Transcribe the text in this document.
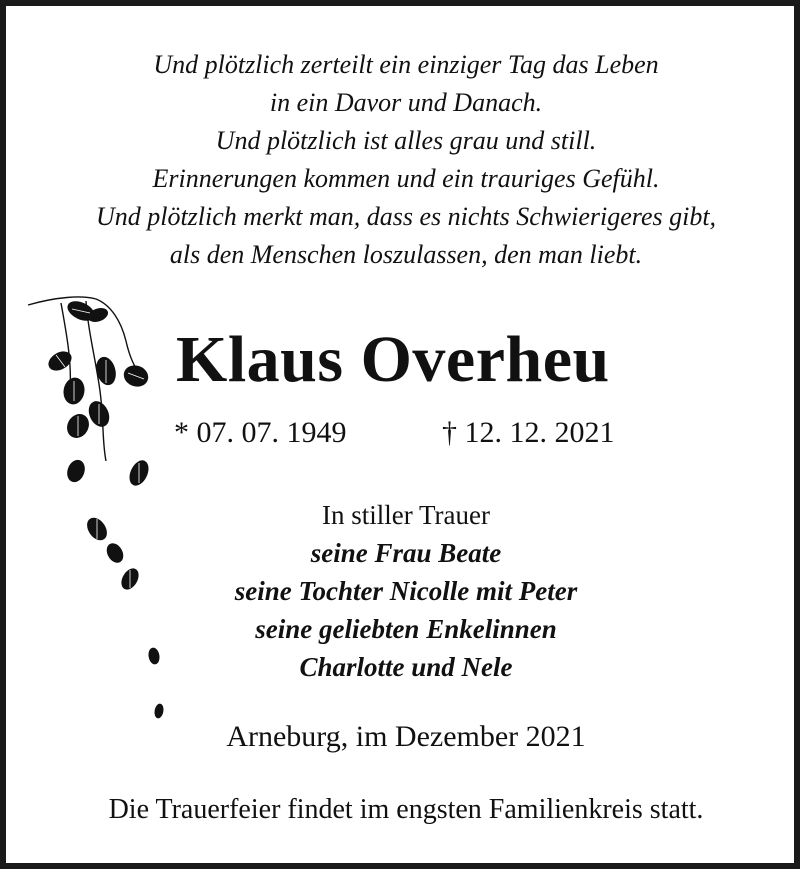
Und plötzlich zerteilt ein einziger Tag das Leben
in ein Davor und Danach.
Und plötzlich ist alles grau und still.
Erinnerungen kommen und ein trauriges Gefühl.
Und plötzlich merkt man, dass es nichts Schwierigeres gibt,
als den Menschen loszulassen, den man liebt.
Klaus Overheu
* 07. 07. 1949	† 12. 12. 2021
In stiller Trauer
seine Frau Beate
seine Tochter Nicolle mit Peter
seine geliebten Enkelinnen
Charlotte und Nele
Arneburg, im Dezember 2021
Die Trauerfeier findet im engsten Familienkreis statt.
